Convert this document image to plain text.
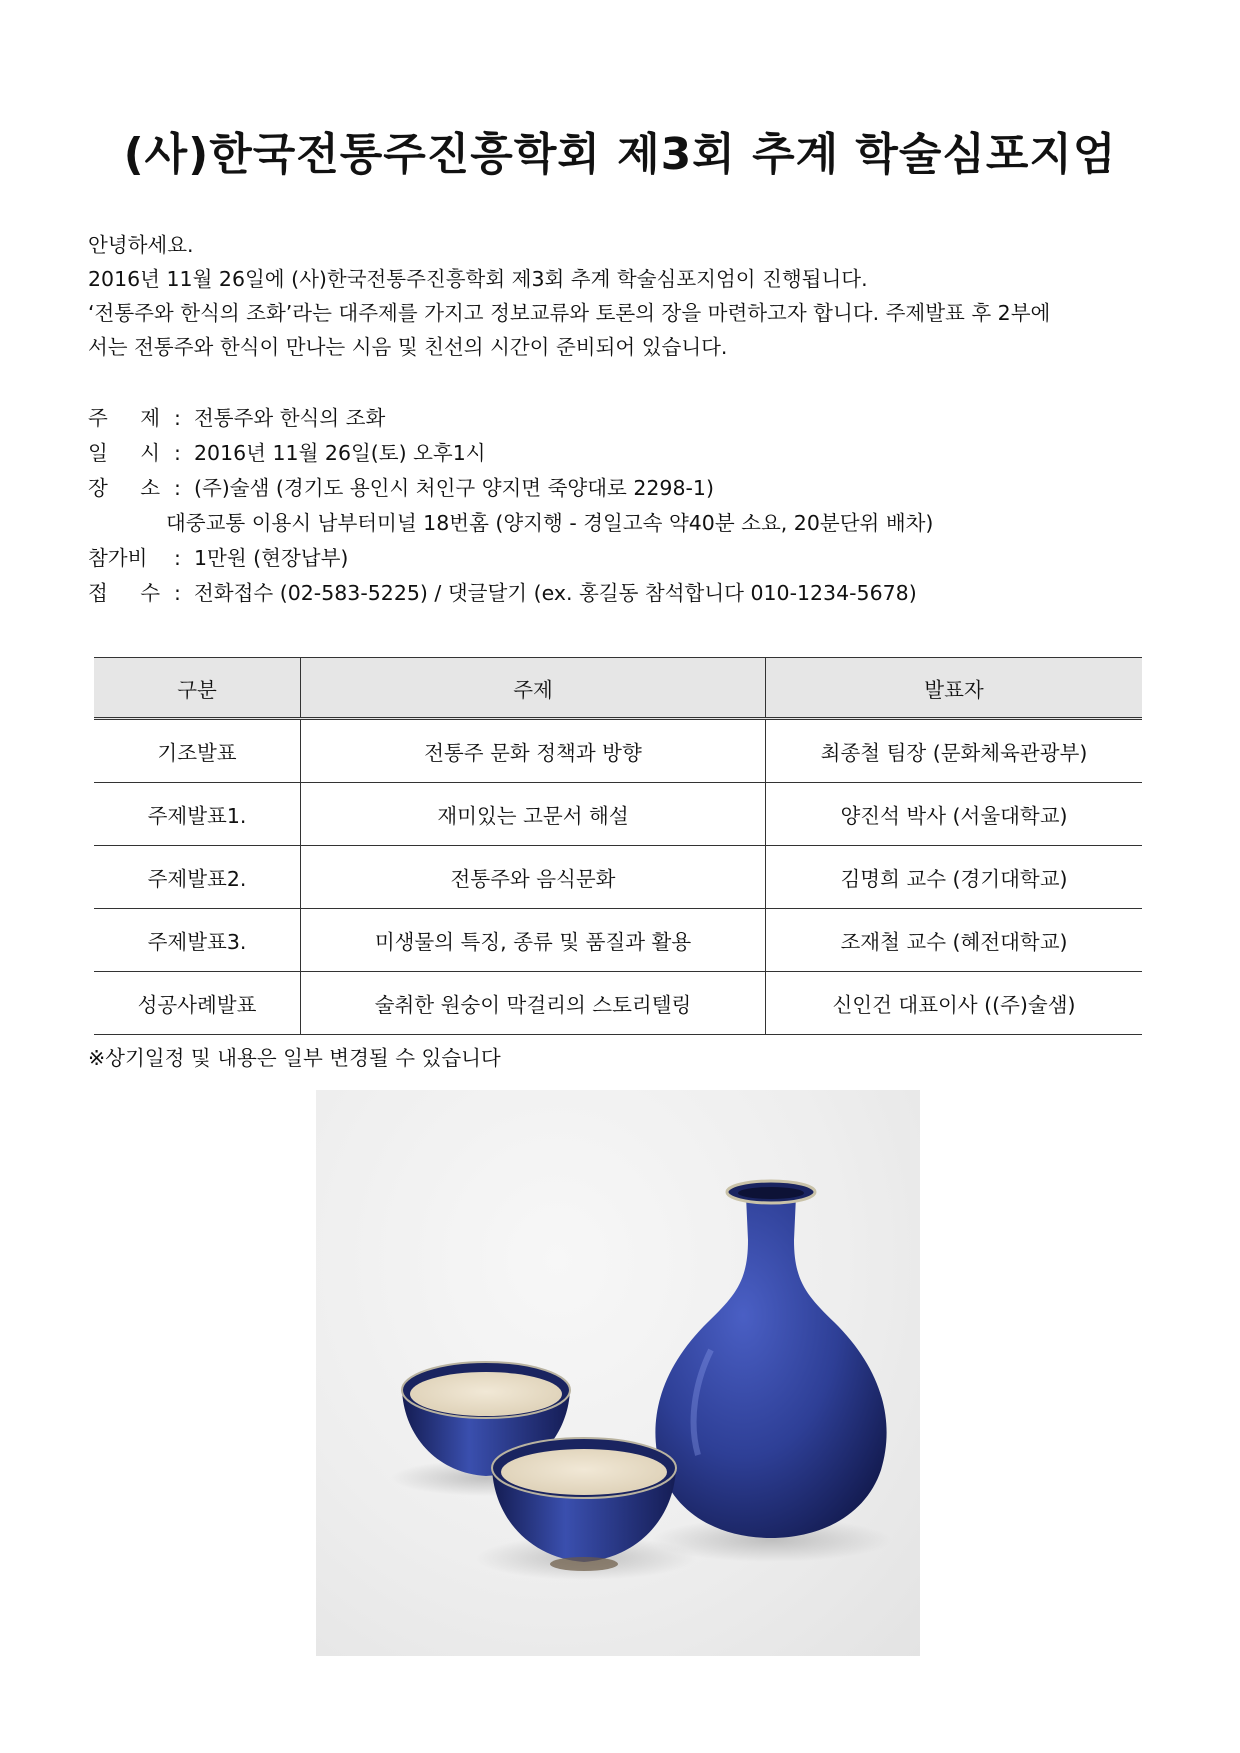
(사)한국전통주진흥학회 제3회 추계 학술심포지엄

안녕하세요.

2016년 11월 26일에 (사)한국전통주진흥학회 제3회 추계 학술심포지엄이 진행됩니다.

‘전통주와 한식의 조화’라는 대주제를 가지고 정보교류와 토론의 장을 마련하고자 합니다. 주제발표 후 2부에

서는 전통주와 한식이 만나는 시음 및 친선의 시간이 준비되어 있습니다.

주 제 : 전통주와 한식의 조화
일 시 : 2016년 11월 26일(토) 오후1시
장 소 : (주)술샘 (경기도 용인시 처인구 양지면 죽양대로 2298-1)
대중교통 이용시 남부터미널 18번홈 (양지행 - 경일고속 약40분 소요, 20분단위 배차)
참가비	: 1만원 (현장납부)
접 수 : 전화접수 (02-583-5225) / 댓글달기 (ex. 홍길동 참석합니다 010-1234-5678)
구분	주제	발표자
기조발표	전통주 문화 정책과 방향	최종철 팀장 (문화체육관광부)
주제발표1.	재미있는 고문서 해설	양진석 박사 (서울대학교)
주제발표2.	전통주와 음식문화	김명희 교수 (경기대학교)
주제발표3.	미생물의 특징, 종류 및 품질과 활용	조재철 교수 (혜전대학교)
성공사례발표	술취한 원숭이 막걸리의 스토리텔링	신인건 대표이사 ((주)술샘)
※상기일정 및 내용은 일부 변경될 수 있습니다
